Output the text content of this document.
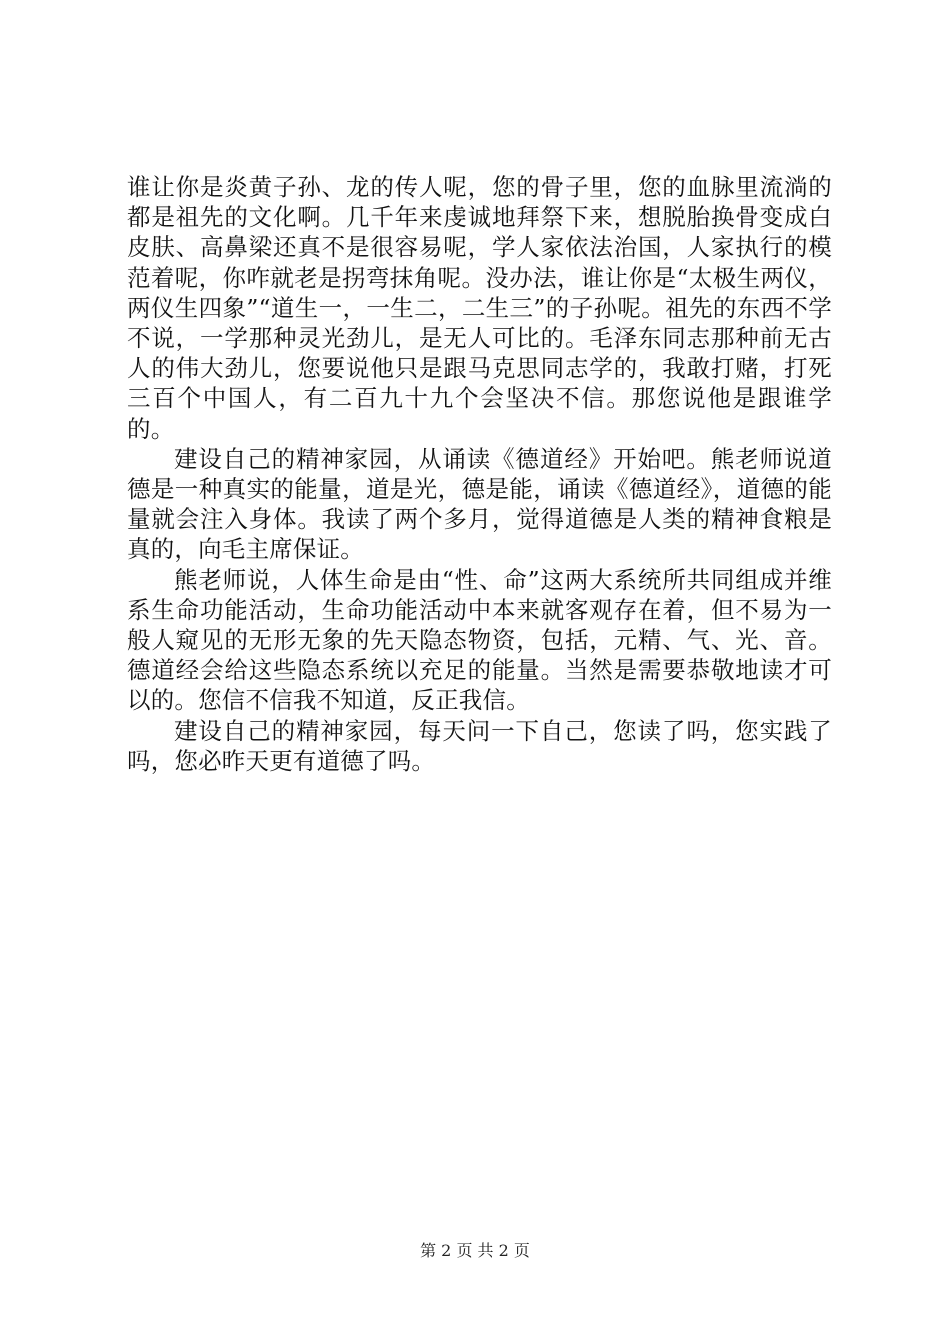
谁让你是炎黄子孙、龙的传人呢，您的骨子里，您的血脉里流淌的都是祖先的文化啊。几千年来虔诚地拜祭下来，想脱胎换骨变成白皮肤、高鼻梁还真不是很容易呢，学人家依法治国，人家执行的模范着呢，你咋就老是拐弯抹角呢。没办法，谁让你是“太极生两仪，两仪生四象”“道生一，一生二，二生三”的子孙呢。祖先的东西不学不说，一学那种灵光劲儿，是无人可比的。毛泽东同志那种前无古人的伟大劲儿，您要说他只是跟马克思同志学的，我敢打赌，打死三百个中国人，有二百九十九个会坚决不信。那您说他是跟谁学的。

建设自己的精神家园，从诵读《德道经》开始吧。熊老师说道德是一种真实的能量，道是光，德是能，诵读《德道经》，道德的能量就会注入身体。我读了两个多月，觉得道德是人类的精神食粮是真的，向毛主席保证。

熊老师说，人体生命是由“性、命”这两大系统所共同组成并维系生命功能活动，生命功能活动中本来就客观存在着，但不易为一般人窥见的无形无象的先天隐态物资，包括，元精、气、光、音。德道经会给这些隐态系统以充足的能量。当然是需要恭敬地读才可以的。您信不信我不知道，反正我信。

建设自己的精神家园，每天问一下自己，您读了吗，您实践了吗，您必昨天更有道德了吗。

第 2 页 共 2 页
